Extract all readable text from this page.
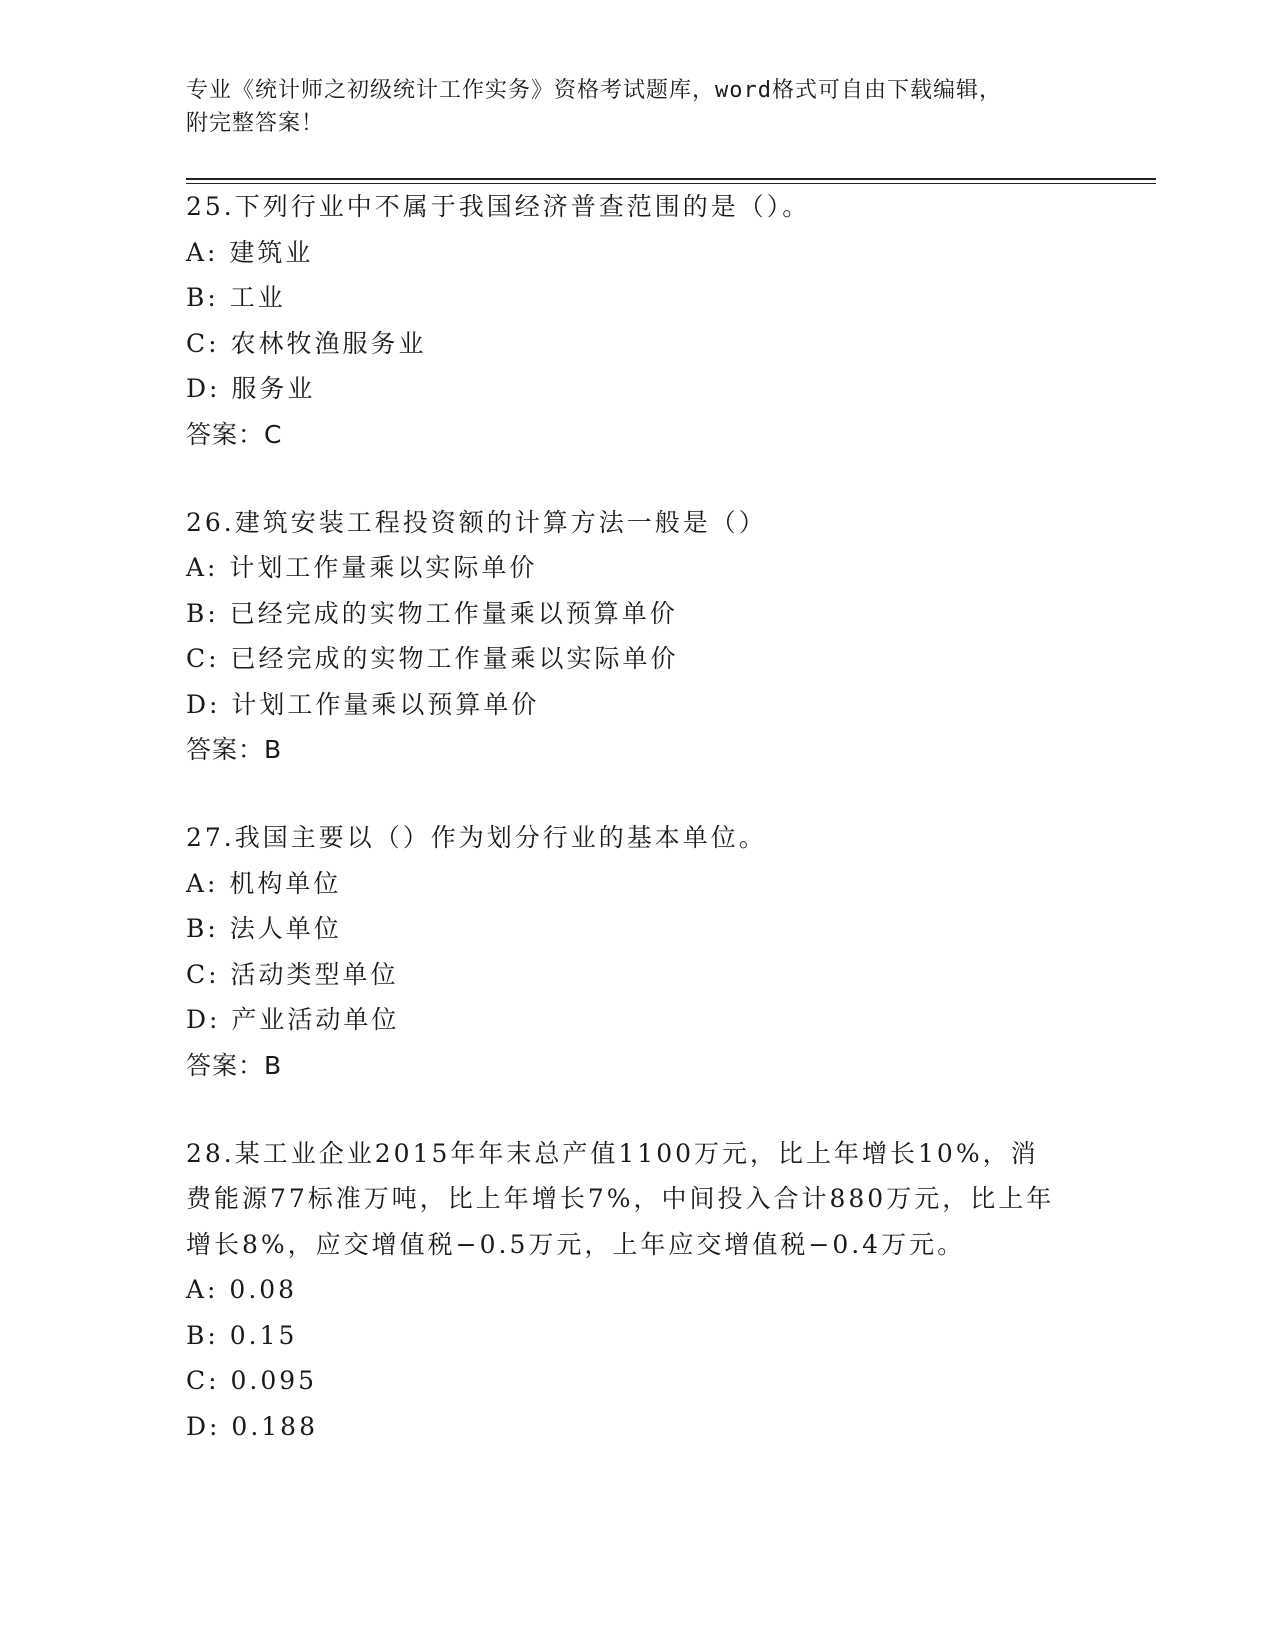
专业《统计师之初级统计工作实务》资格考试题库，word格式可自由下载编辑，
附完整答案！
25.下列行业中不属于我国经济普查范围的是（）。
A: 建筑业
B: 工业
C: 农林牧渔服务业
D: 服务业
答案：C
26.建筑安装工程投资额的计算方法一般是（）
A: 计划工作量乘以实际单价
B: 已经完成的实物工作量乘以预算单价
C: 已经完成的实物工作量乘以实际单价
D: 计划工作量乘以预算单价
答案：B
27.我国主要以（）作为划分行业的基本单位。
A: 机构单位
B: 法人单位
C: 活动类型单位
D: 产业活动单位
答案：B
28.某工业企业2015年年末总产值1100万元，比上年增长10%，消费能源77标准万吨，比上年增长7%，中间投入合计880万元，比上年增长8%，应交增值税−0.5万元，上年应交增值税−0.4万元。
A: 0.08
B: 0.15
C: 0.095
D: 0.188
